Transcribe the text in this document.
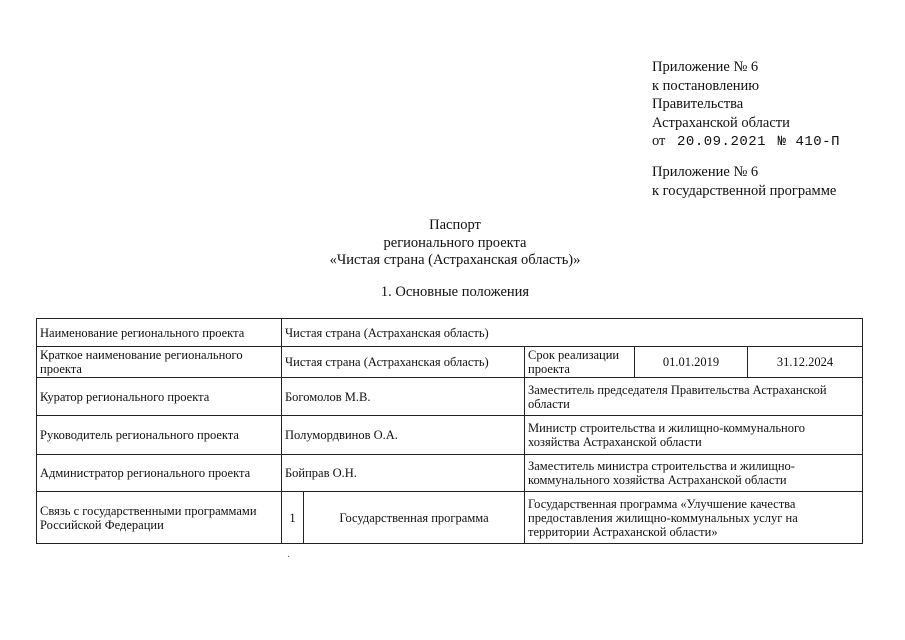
Приложение № 6
к постановлению
Правительства
Астраханской области
от 20.09.2021 № 410-П
Приложение № 6
к государственной программе
Паспорт
регионального проекта
«Чистая страна (Астраханская область)»
1. Основные положения
Наименование регионального проекта	Чистая страна (Астраханская область)				
Краткое наименование регионального проекта	Чистая страна (Астраханская область)		Срок реализации проекта	01.01.2019	31.12.2024
Куратор регионального проекта	Богомолов М.В.		Заместитель председателя Правительства Астраханской области		
Руководитель регионального проекта	Полумордвинов О.А.		Министр строительства и жилищно-коммунального хозяйства Астраханской области		
Администратор регионального проекта	Бойправ О.Н.		Заместитель министра строительства и жилищно-коммунального хозяйства Астраханской области		
Связь с государственными программами Российской Федерации	1	Государственная программа	Государственная программа «Улучшение качества предоставления жилищно-коммунальных услуг на территории Астраханской области»		
·
